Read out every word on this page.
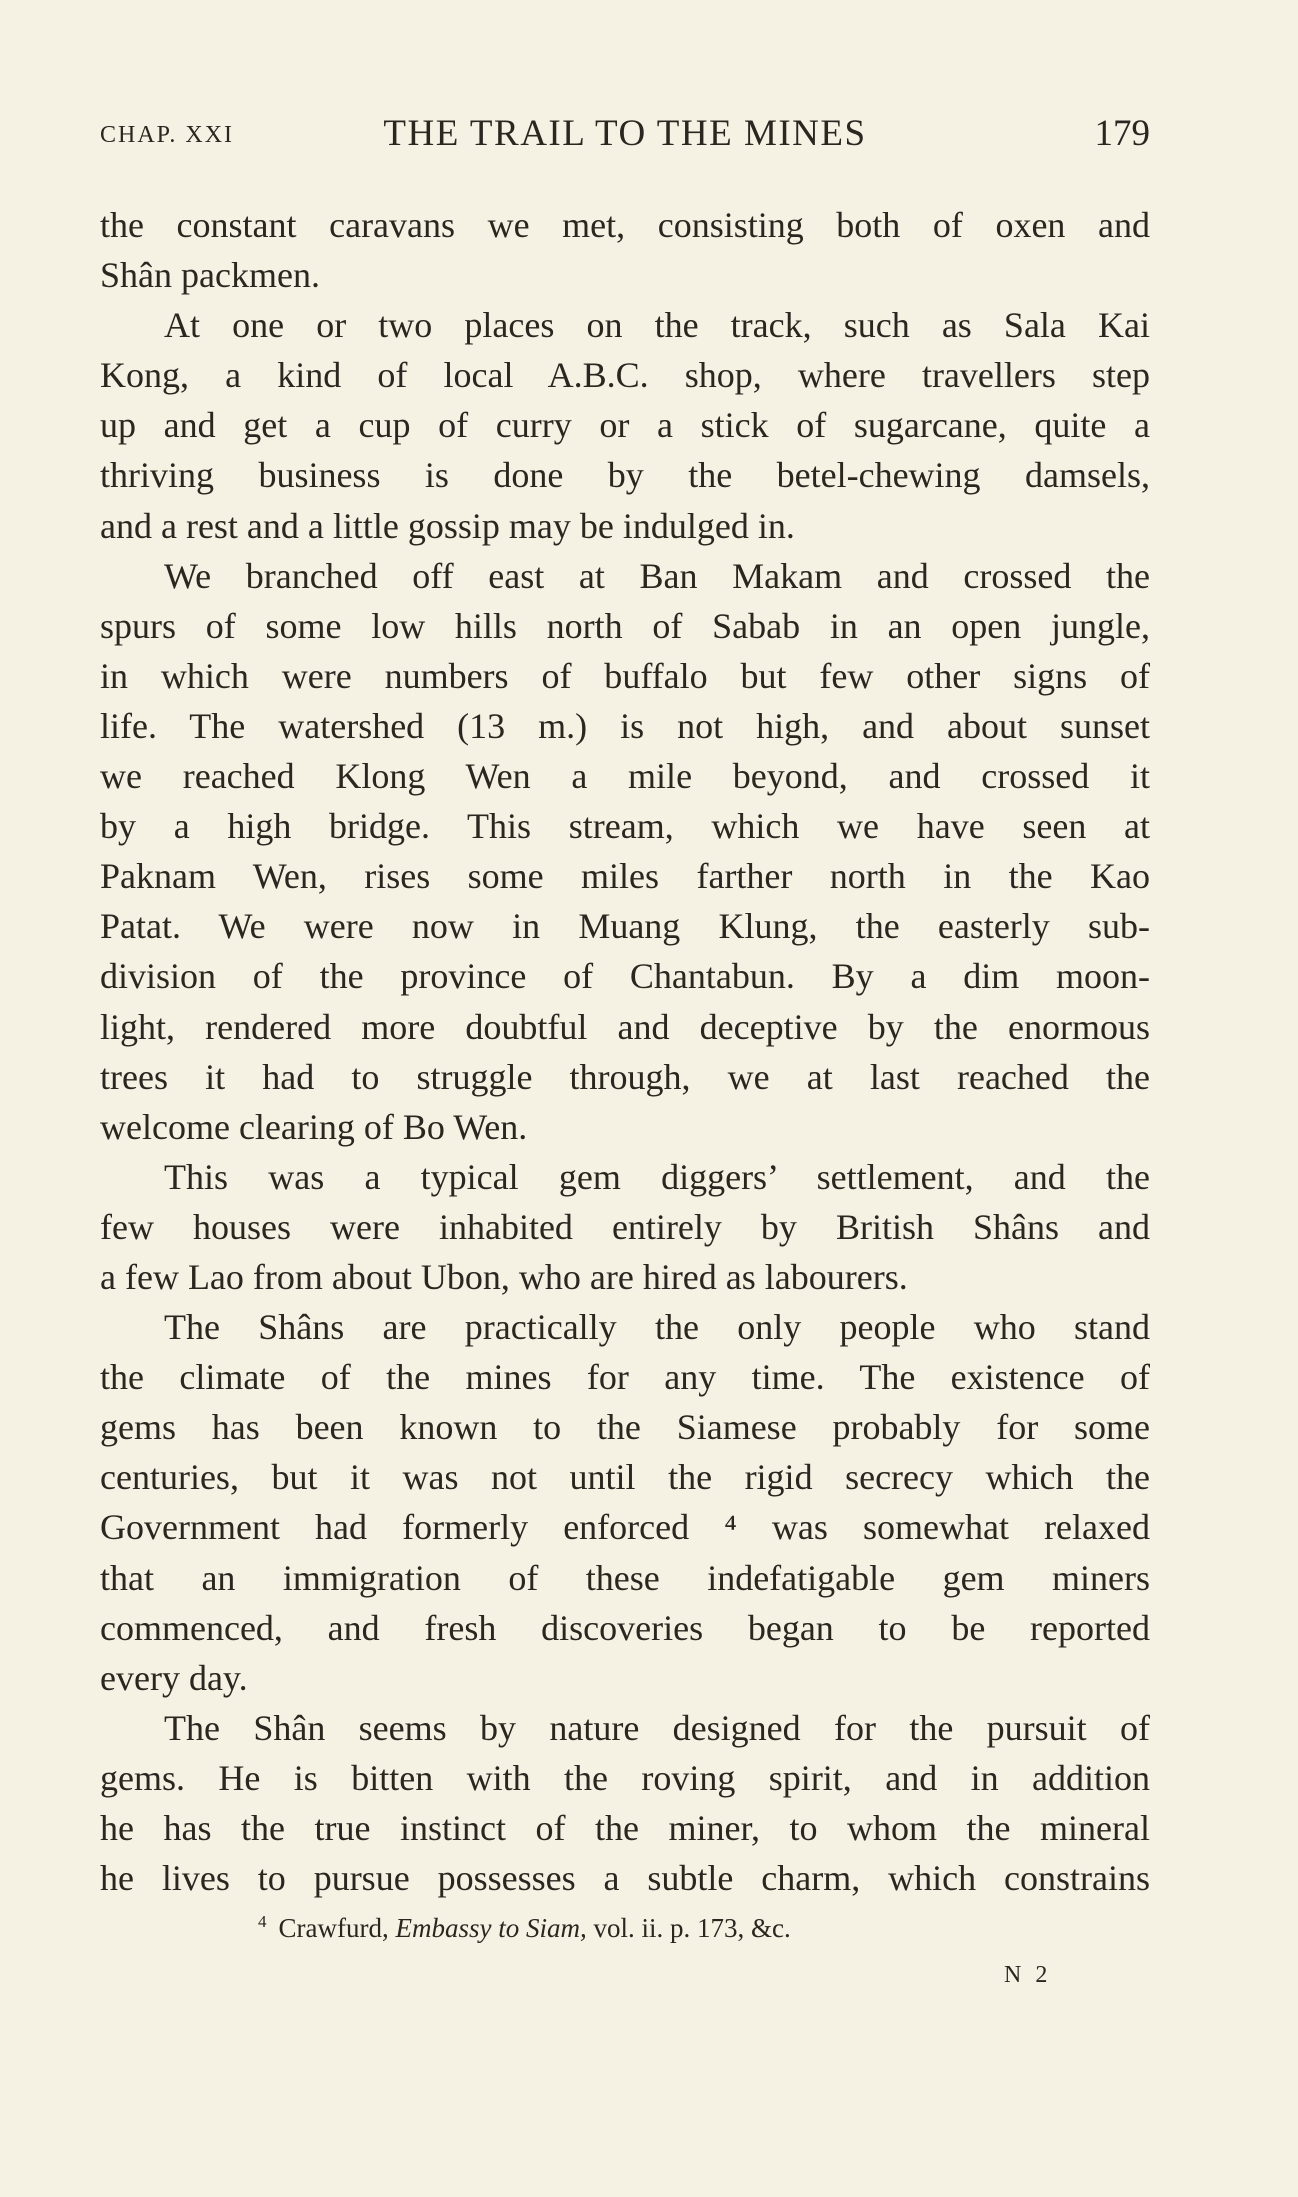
CHAP. XXI	THE TRAIL TO THE MINES	179
the constant caravans we met, consisting both of oxen and
Shân packmen.
At one or two places on the track, such as Sala Kai
Kong, a kind of local A.B.C. shop, where travellers step
up and get a cup of curry or a stick of sugarcane, quite a
thriving business is done by the betel-chewing damsels,
and a rest and a little gossip may be indulged in.
We branched off east at Ban Makam and crossed the
spurs of some low hills north of Sabab in an open jungle,
in which were numbers of buffalo but few other signs of
life. The watershed (13 m.) is not high, and about sunset
we reached Klong Wen a mile beyond, and crossed it
by a high bridge. This stream, which we have seen at
Paknam Wen, rises some miles farther north in the Kao
Patat. We were now in Muang Klung, the easterly sub-
division of the province of Chantabun. By a dim moon-
light, rendered more doubtful and deceptive by the enormous
trees it had to struggle through, we at last reached the
welcome clearing of Bo Wen.
This was a typical gem diggers’ settlement, and the
few houses were inhabited entirely by British Shâns and
a few Lao from about Ubon, who are hired as labourers.
The Shâns are practically the only people who stand
the climate of the mines for any time. The existence of
gems has been known to the Siamese probably for some
centuries, but it was not until the rigid secrecy which the
Government had formerly enforced ⁴ was somewhat relaxed
that an immigration of these indefatigable gem miners
commenced, and fresh discoveries began to be reported
every day.
The Shân seems by nature designed for the pursuit of
gems. He is bitten with the roving spirit, and in addition
he has the true instinct of the miner, to whom the mineral
he lives to pursue possesses a subtle charm, which constrains
$^4$ Crawfurd, Embassy to Siam, vol. ii. p. 173, &c.
N 2
